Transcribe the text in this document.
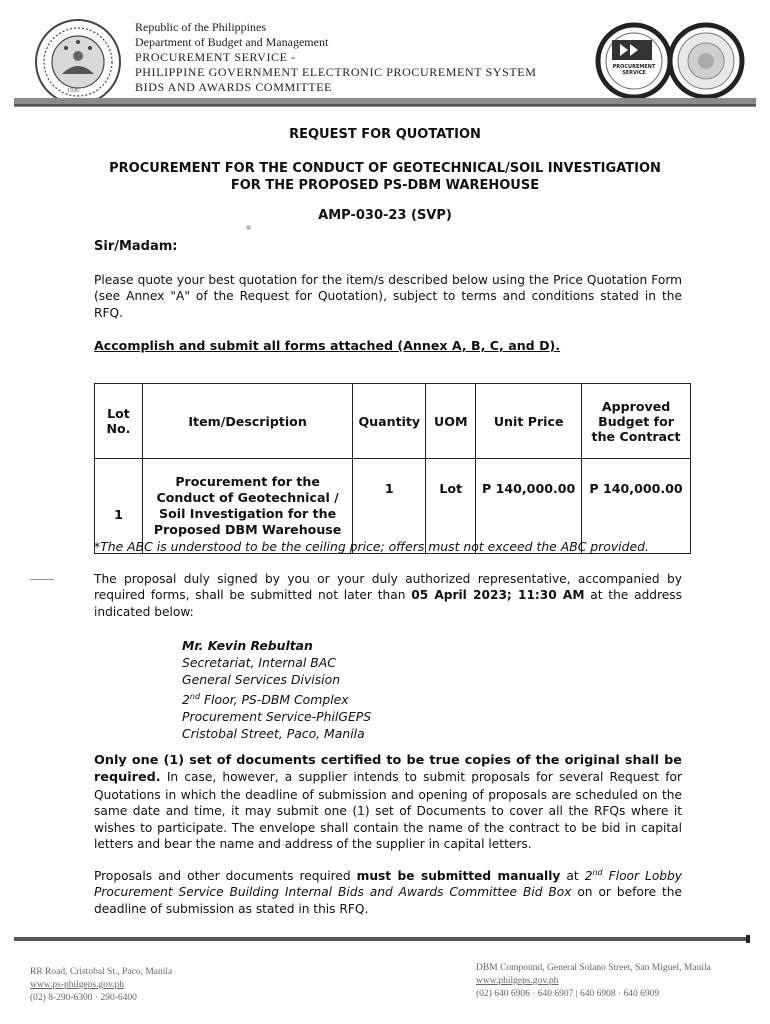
1936
Republic of the Philippines
Department of Budget and Management
PROCUREMENT SERVICE -
PHILIPPINE GOVERNMENT ELECTRONIC PROCUREMENT SYSTEM
BIDS AND AWARDS COMMITTEE
PROCUREMENT
SERVICE
REQUEST FOR QUOTATION
PROCUREMENT FOR THE CONDUCT OF GEOTECHNICAL/SOIL INVESTIGATION
FOR THE PROPOSED PS-DBM WAREHOUSE
AMP-030-23 (SVP)
Sir/Madam:
Please quote your best quotation for the item/s described below using the Price Quotation Form (see Annex "A" of the Request for Quotation), subject to terms and conditions stated in the RFQ.
Accomplish and submit all forms attached (Annex A, B, C, and D).
Lot No.	Item/Description	Quantity	UOM	Unit Price	Approved Budget for the Contract
1	Procurement for the Conduct of Geotechnical / Soil Investigation for the Proposed DBM Warehouse	1	Lot	P 140,000.00	P 140,000.00
*The ABC is understood to be the ceiling price; offers must not exceed the ABC provided.
The proposal duly signed by you or your duly authorized representative, accompanied by required forms, shall be submitted not later than 05 April 2023; 11:30 AM at the address indicated below:
Mr. Kevin Rebultan
Secretariat, Internal BAC
General Services Division
2nd Floor, PS-DBM Complex
Procurement Service-PhilGEPS
Cristobal Street, Paco, Manila
Only one (1) set of documents certified to be true copies of the original shall be required. In case, however, a supplier intends to submit proposals for several Request for Quotations in which the deadline of submission and opening of proposals are scheduled on the same date and time, it may submit one (1) set of Documents to cover all the RFQs where it wishes to participate. The envelope shall contain the name of the contract to be bid in capital letters and bear the name and address of the supplier in capital letters.
Proposals and other documents required must be submitted manually at 2nd Floor Lobby Procurement Service Building Internal Bids and Awards Committee Bid Box on or before the deadline of submission as stated in this RFQ.
RR Road, Cristobal St., Paco, Manila
www.ps-philgeps.gov.ph
(02) 8-290-6300 · 290-6400
DBM Compound, General Solano Street, San Miguel, Manila
www.philgeps.gov.ph
(02) 640 6906 · 640 6907 | 640 6908 · 640 6909
